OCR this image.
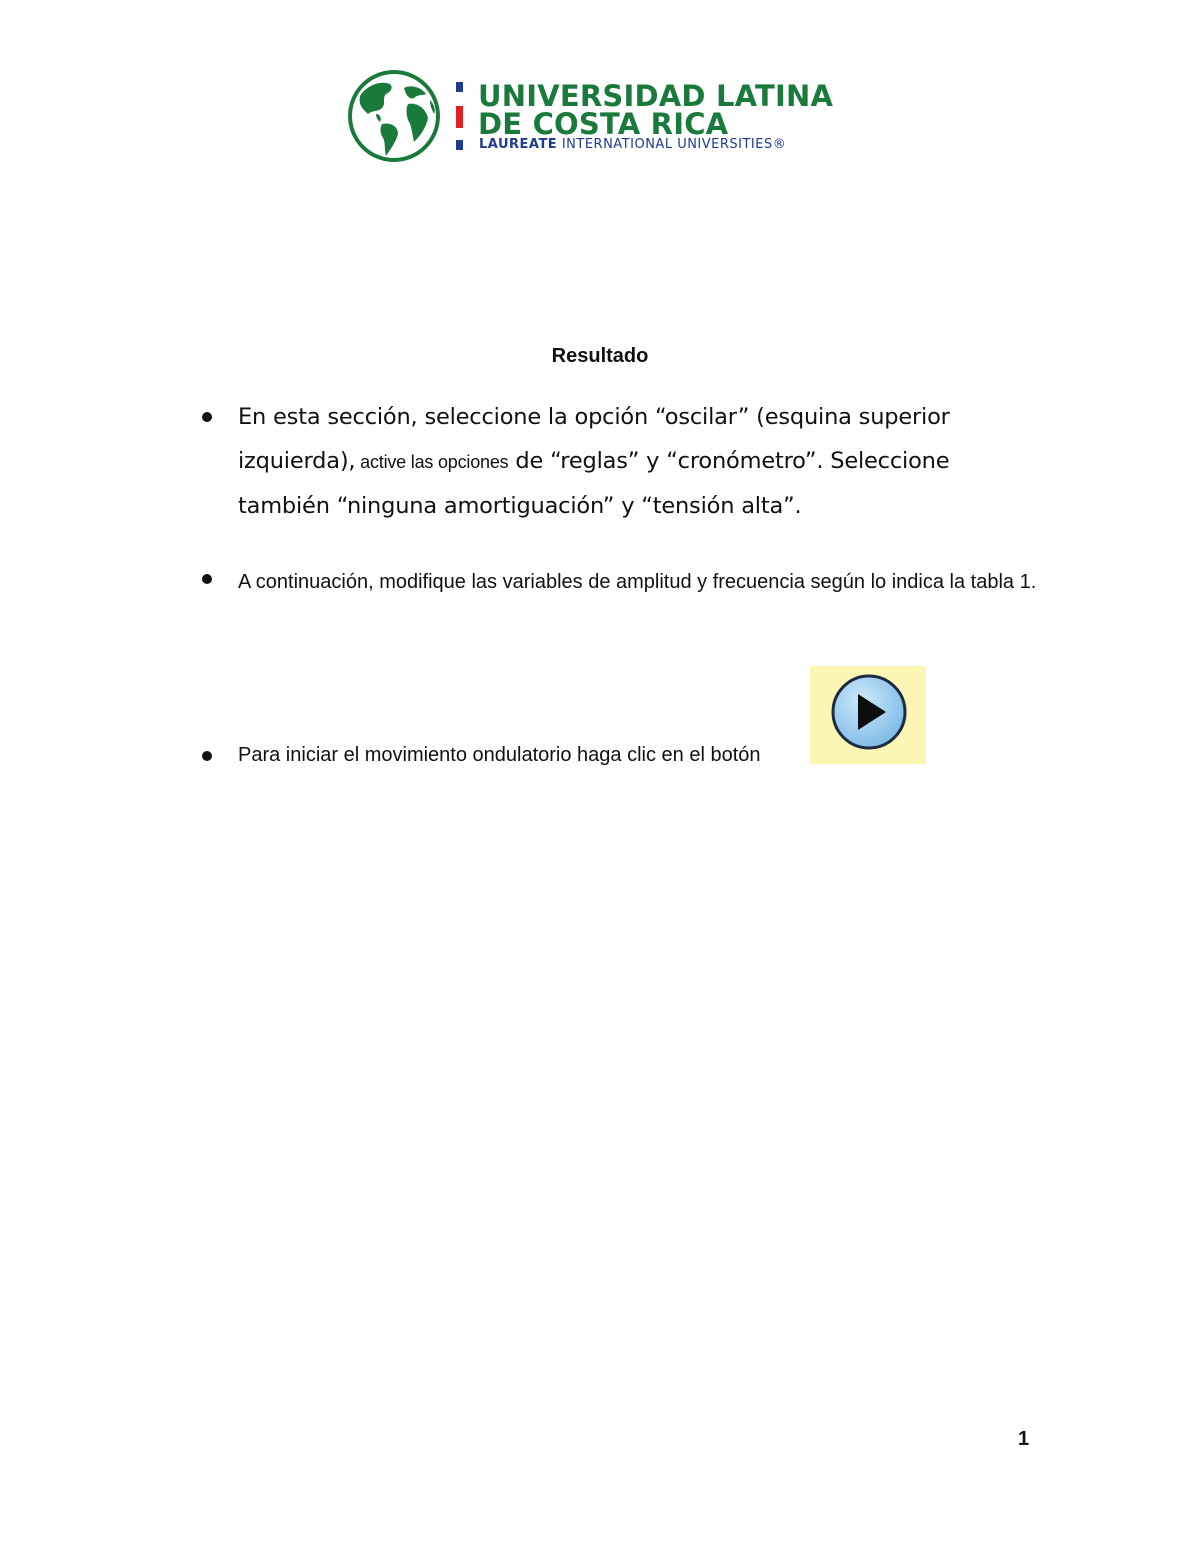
UNIVERSIDAD LATINA
DE COSTA RICA
LAUREATE INTERNATIONAL UNIVERSITIES®
Resultado
En esta sección, seleccione la opción “oscilar” (esquina superior izquierda), active las opciones de “reglas” y “cronómetro”. Seleccione también “ninguna amortiguación” y “tensión alta”.
A continuación, modifique las variables de amplitud y frecuencia según lo indica la tabla 1.
Para iniciar el movimiento ondulatorio haga clic en el botón
1
